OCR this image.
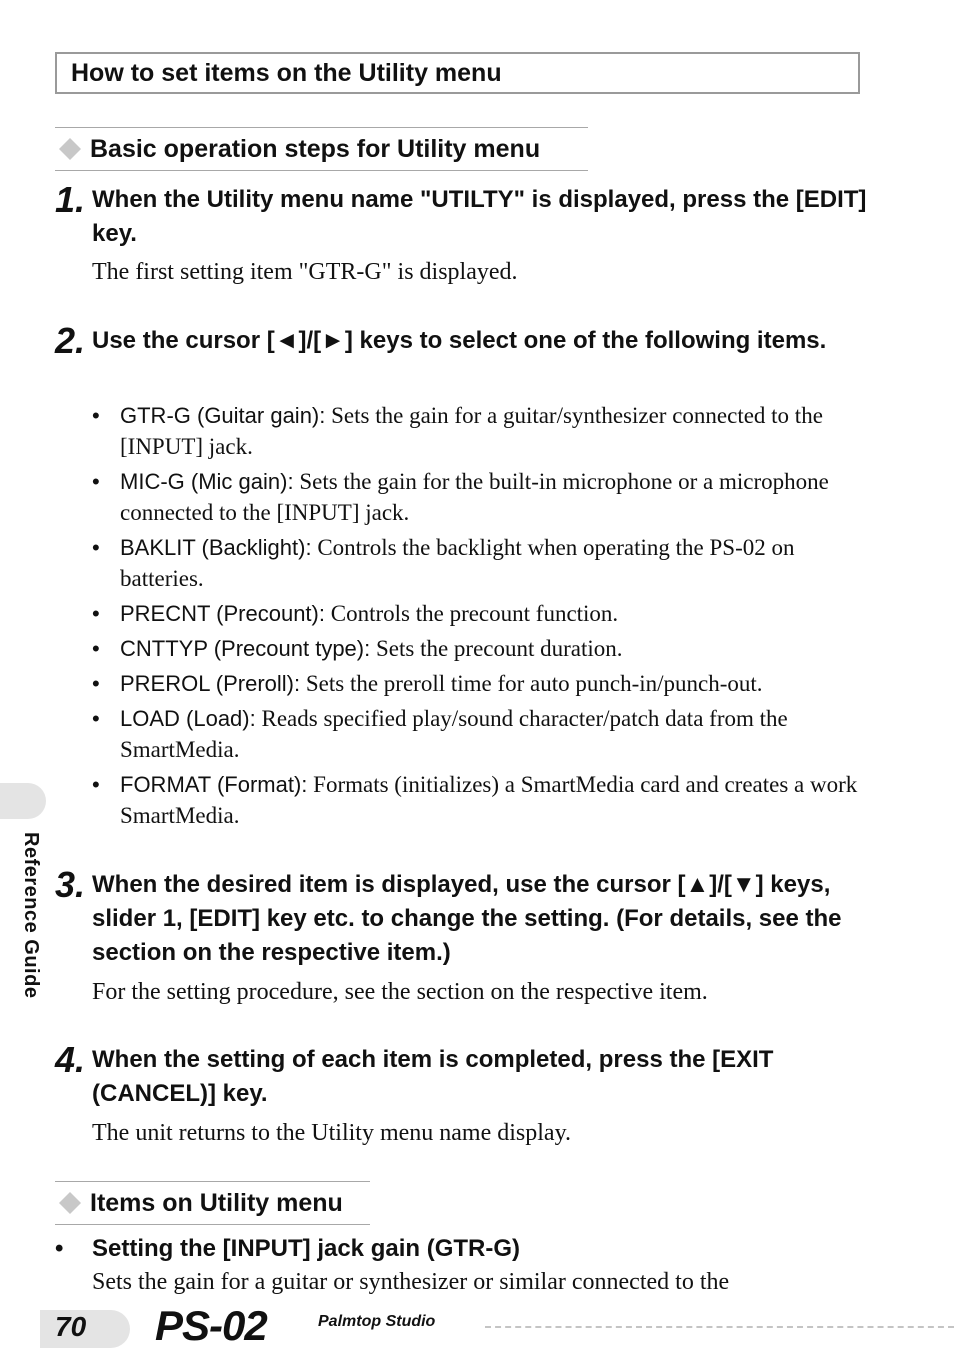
How to set items on the Utility menu
Basic operation steps for Utility menu
1. When the Utility menu name "UTILTY" is displayed, press the [EDIT] key.
The first setting item "GTR-G" is displayed.
2. Use the cursor [◄]/[►] keys to select one of the following items.
• GTR-G (Guitar gain): Sets the gain for a guitar/synthesizer connected to the [INPUT] jack.
• MIC-G (Mic gain): Sets the gain for the built-in microphone or a microphone connected to the [INPUT] jack.
• BAKLIT (Backlight): Controls the backlight when operating the PS-02 on batteries.
• PRECNT (Precount): Controls the precount function.
• CNTTYP (Precount type): Sets the precount duration.
• PREROL (Preroll): Sets the preroll time for auto punch-in/punch-out.
• LOAD (Load): Reads specified play/sound character/patch data from the SmartMedia.
• FORMAT (Format): Formats (initializes) a SmartMedia card and creates a work SmartMedia.
Reference Guide 3. When the desired item is displayed, use the cursor [▲]/[▼] keys, slider 1, [EDIT] key etc. to change the setting. (For details, see the section on the respective item.)
For the setting procedure, see the section on the respective item.
4. When the setting of each item is completed, press the [EXIT (CANCEL)] key.
The unit returns to the Utility menu name display.
Items on Utility menu
•	Setting the [INPUT] jack gain (GTR-G)
Sets the gain for a guitar or synthesizer or similar connected to the
70 PS-02	Palmtop Studio
